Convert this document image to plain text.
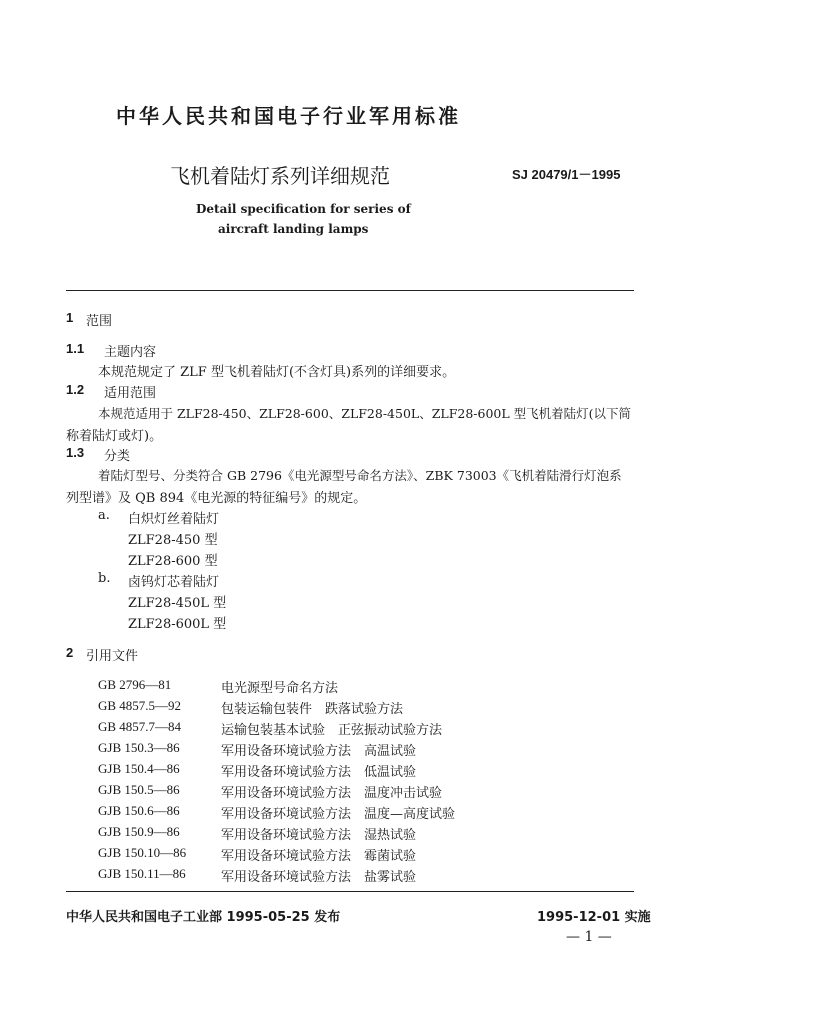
中华人民共和国电子行业军用标准
飞机着陆灯系列详细规范	SJ 20479/1－1995
Detail specification for series of
aircraft landing lamps
1 范围
1.1 主题内容
本规范规定了 ZLF 型飞机着陆灯(不含灯具)系列的详细要求。
1.2 适用范围
本规范适用于 ZLF28-450、ZLF28-600、ZLF28-450L、ZLF28-600L 型飞机着陆灯(以下简
称着陆灯或灯)。
1.3 分类
着陆灯型号、分类符合 GB 2796《电光源型号命名方法》、ZBK 73003《飞机着陆滑行灯泡系
列型谱》及 QB 894《电光源的特征编号》的规定。
a. 白炽灯丝着陆灯
ZLF28-450 型
ZLF28-600 型
b. 卤钨灯芯着陆灯
ZLF28-450L 型
ZLF28-600L 型
2 引用文件
GB 2796—81	电光源型号命名方法
GB 4857.5—92	包装运输包装件　跌落试验方法
GB 4857.7—84	运输包装基本试验　正弦振动试验方法
GJB 150.3—86	军用设备环境试验方法　高温试验
GJB 150.4—86	军用设备环境试验方法　低温试验
GJB 150.5—86	军用设备环境试验方法　温度冲击试验
GJB 150.6—86	军用设备环境试验方法　温度—高度试验
GJB 150.9—86	军用设备环境试验方法　湿热试验
GJB 150.10—86	军用设备环境试验方法　霉菌试验
GJB 150.11—86	军用设备环境试验方法　盐雾试验
中华人民共和国电子工业部 1995-05-25 发布	1995-12-01 实施
— 1 —
